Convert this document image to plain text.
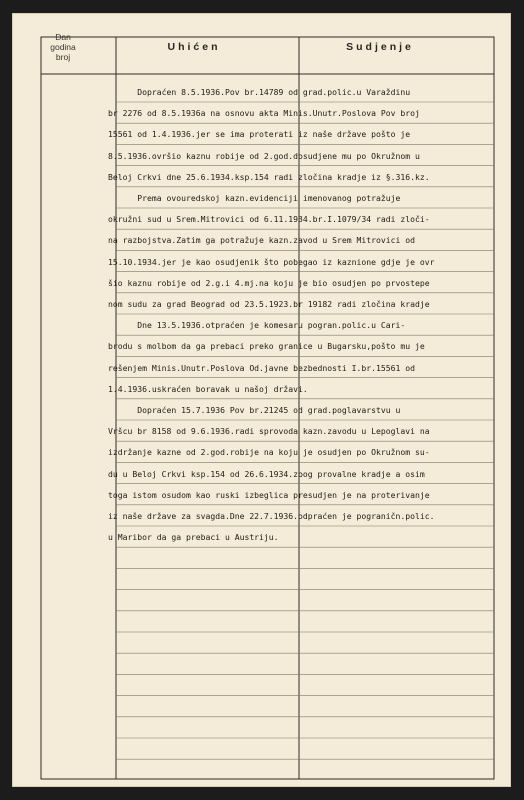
Dan
godina
broj
Uhićen	Sudjenje
Dopraćen 8.5.1936.Pov br.14789 od grad.polic.u Varaždinu
br 2276 od 8.5.1936a na osnovu akta Minis.Unutr.Poslova Pov broj
15561 od 1.4.1936.jer se ima proterati iz naše države pošto je
8.5.1936.ovršio kaznu robije od 2.god.dosudjene mu po Okružnom u
Beloj Crkvi dne 25.6.1934.ksp.154 radi zločina kradje iz §.316.kz.
Prema ovouredskoj kazn.evidenciji imenovanog potražuje
okružni sud u Srem.Mitrovici od 6.11.1934.br.I.1079/34 radi zloči-
na razbojstva.Zatim ga potražuje kazn.zavod u Srem Mitrovici od
15.10.1934.jer je kao osudjenik što pobegao iz kaznione gdje je ovr
šio kaznu robije od 2.g.i 4.mj.na koju je bio osudjen po prvostepe
nom sudu za grad Beograd od 23.5.1923.br 19182 radi zločina kradje
Dne 13.5.1936.otpraćen je komesaru pogran.polic.u Cari-
brodu s molbom da ga prebaci preko granice u Bugarsku,pošto mu je
rešenjem Minis.Unutr.Poslova Od.javne bezbednosti I.br.15561 od
1.4.1936.uskraćen boravak u našoj državi.
Dopraćen 15.7.1936 Pov br.21245 od grad.poglavarstvu u
Vršcu br 8158 od 9.6.1936.radi sprovoda kazn.zavodu u Lepoglavi na
izdržanje kazne od 2.god.robije na koju je osudjen po Okružnom su-
du u Beloj Crkvi ksp.154 od 26.6.1934.zbog provalne kradje a osim
toga istom osudom kao ruski izbeglica presudjen je na proterivanje
iz naše države za svagda.Dne 22.7.1936.odpraćen je pograničn.polic.
u Maribor da ga prebaci u Austriju.
